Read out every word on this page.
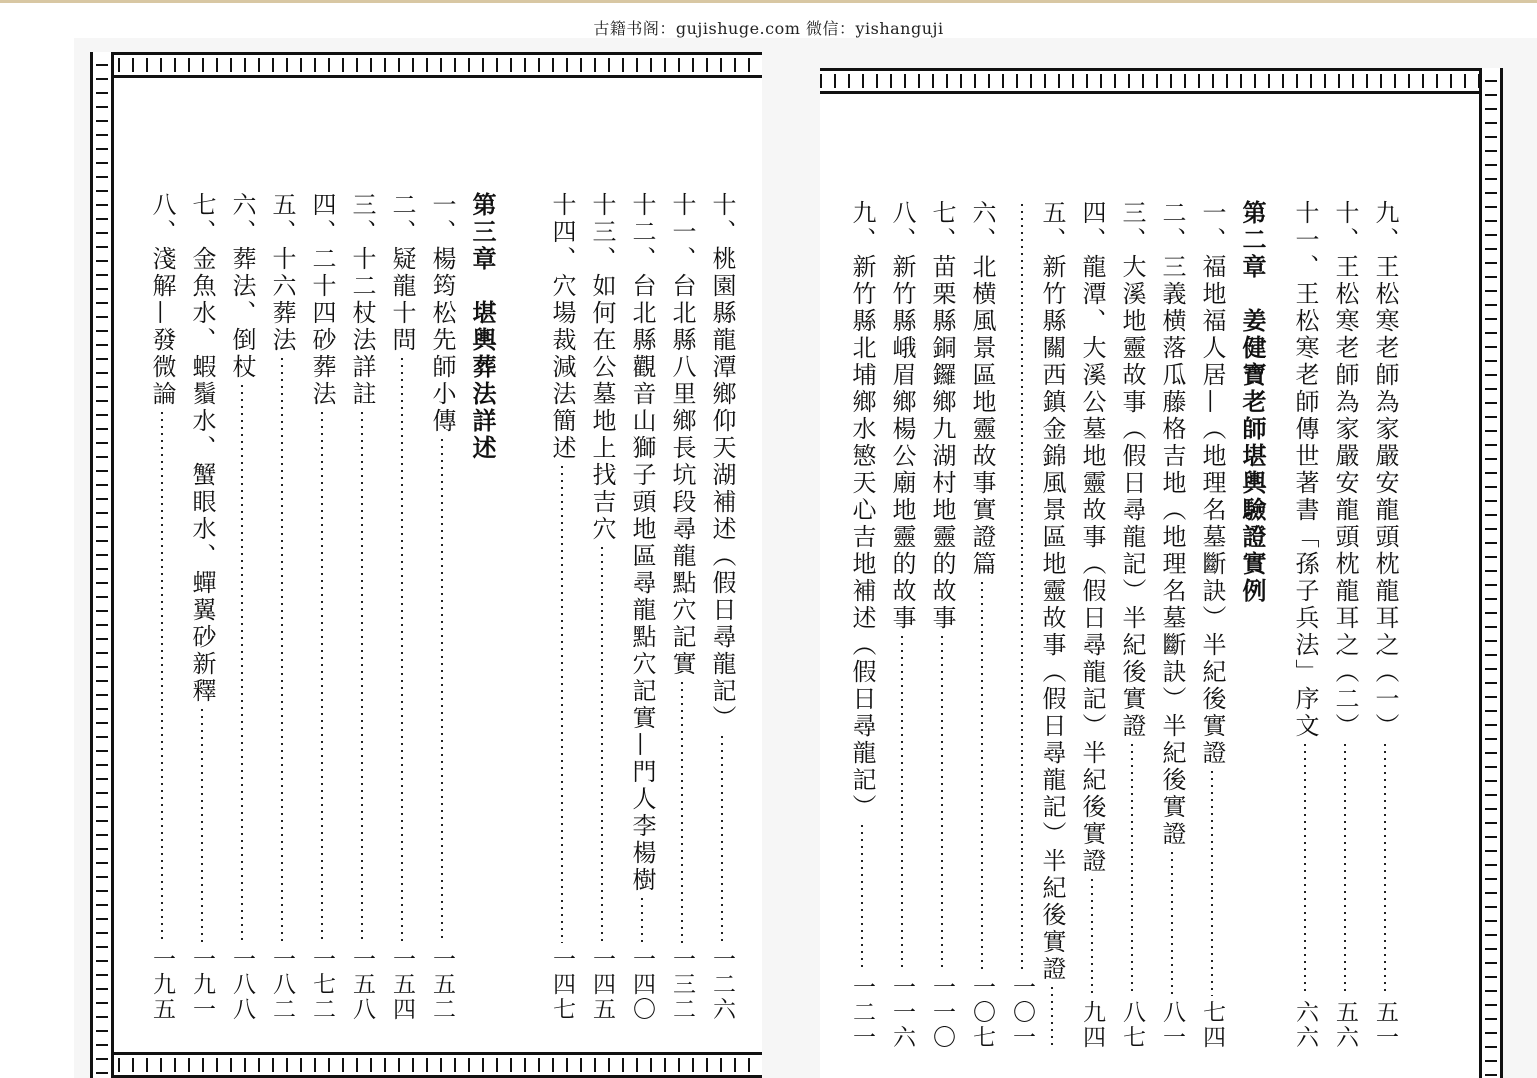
古籍书阁：gujishuge.com 微信：yishanguji
十、桃園縣龍潭鄉仰天湖補述（假日尋龍記）
一二六
十一、台北縣八里鄉長坑段尋龍點穴記實
一三二
十二、台北縣觀音山獅子頭地區尋龍點穴記實—門人李楊樹
一四〇
十三、如何在公墓地上找吉穴
一四五
十四、穴場裁減法簡述
一四七
第三章　堪輿葬法詳述
一、楊筠松先師小傳
一五二
二、疑龍十問
一五四
三、十二杖法詳註
一五八
四、二十四砂葬法
一七二
五、十六葬法
一八二
六、葬法、倒杖
一八八
七、金魚水、蝦鬚水、蟹眼水、蟬翼砂新釋
一九一
八、淺解—發微論
一九五
九、王松寒老師為家嚴安龍頭枕龍耳之（一）
五一
十、王松寒老師為家嚴安龍頭枕龍耳之（二）
五六
十一、王松寒老師傳世著書「孫子兵法」序文
六六
第二章　姜健寶老師堪輿驗證實例
一、福地福人居—（地理名墓斷訣）半紀後實證
七四
二、三義横落瓜藤格吉地（地理名墓斷訣）半紀後實證
八一
三、大溪地靈故事（假日尋龍記）半紀後實證
八七
四、龍潭、大溪公墓地靈故事（假日尋龍記）半紀後實證
九四
五、新竹縣關西鎮金錦風景區地靈故事（假日尋龍記）半紀後實證
一〇一
六、北横風景區地靈故事實證篇
一〇七
七、苗栗縣銅鑼鄉九湖村地靈的故事
一一〇
八、新竹縣峨眉鄉楊公廟地靈的故事
一一六
九、新竹縣北埔鄉水慜天心吉地補述（假日尋龍記）
一二一
